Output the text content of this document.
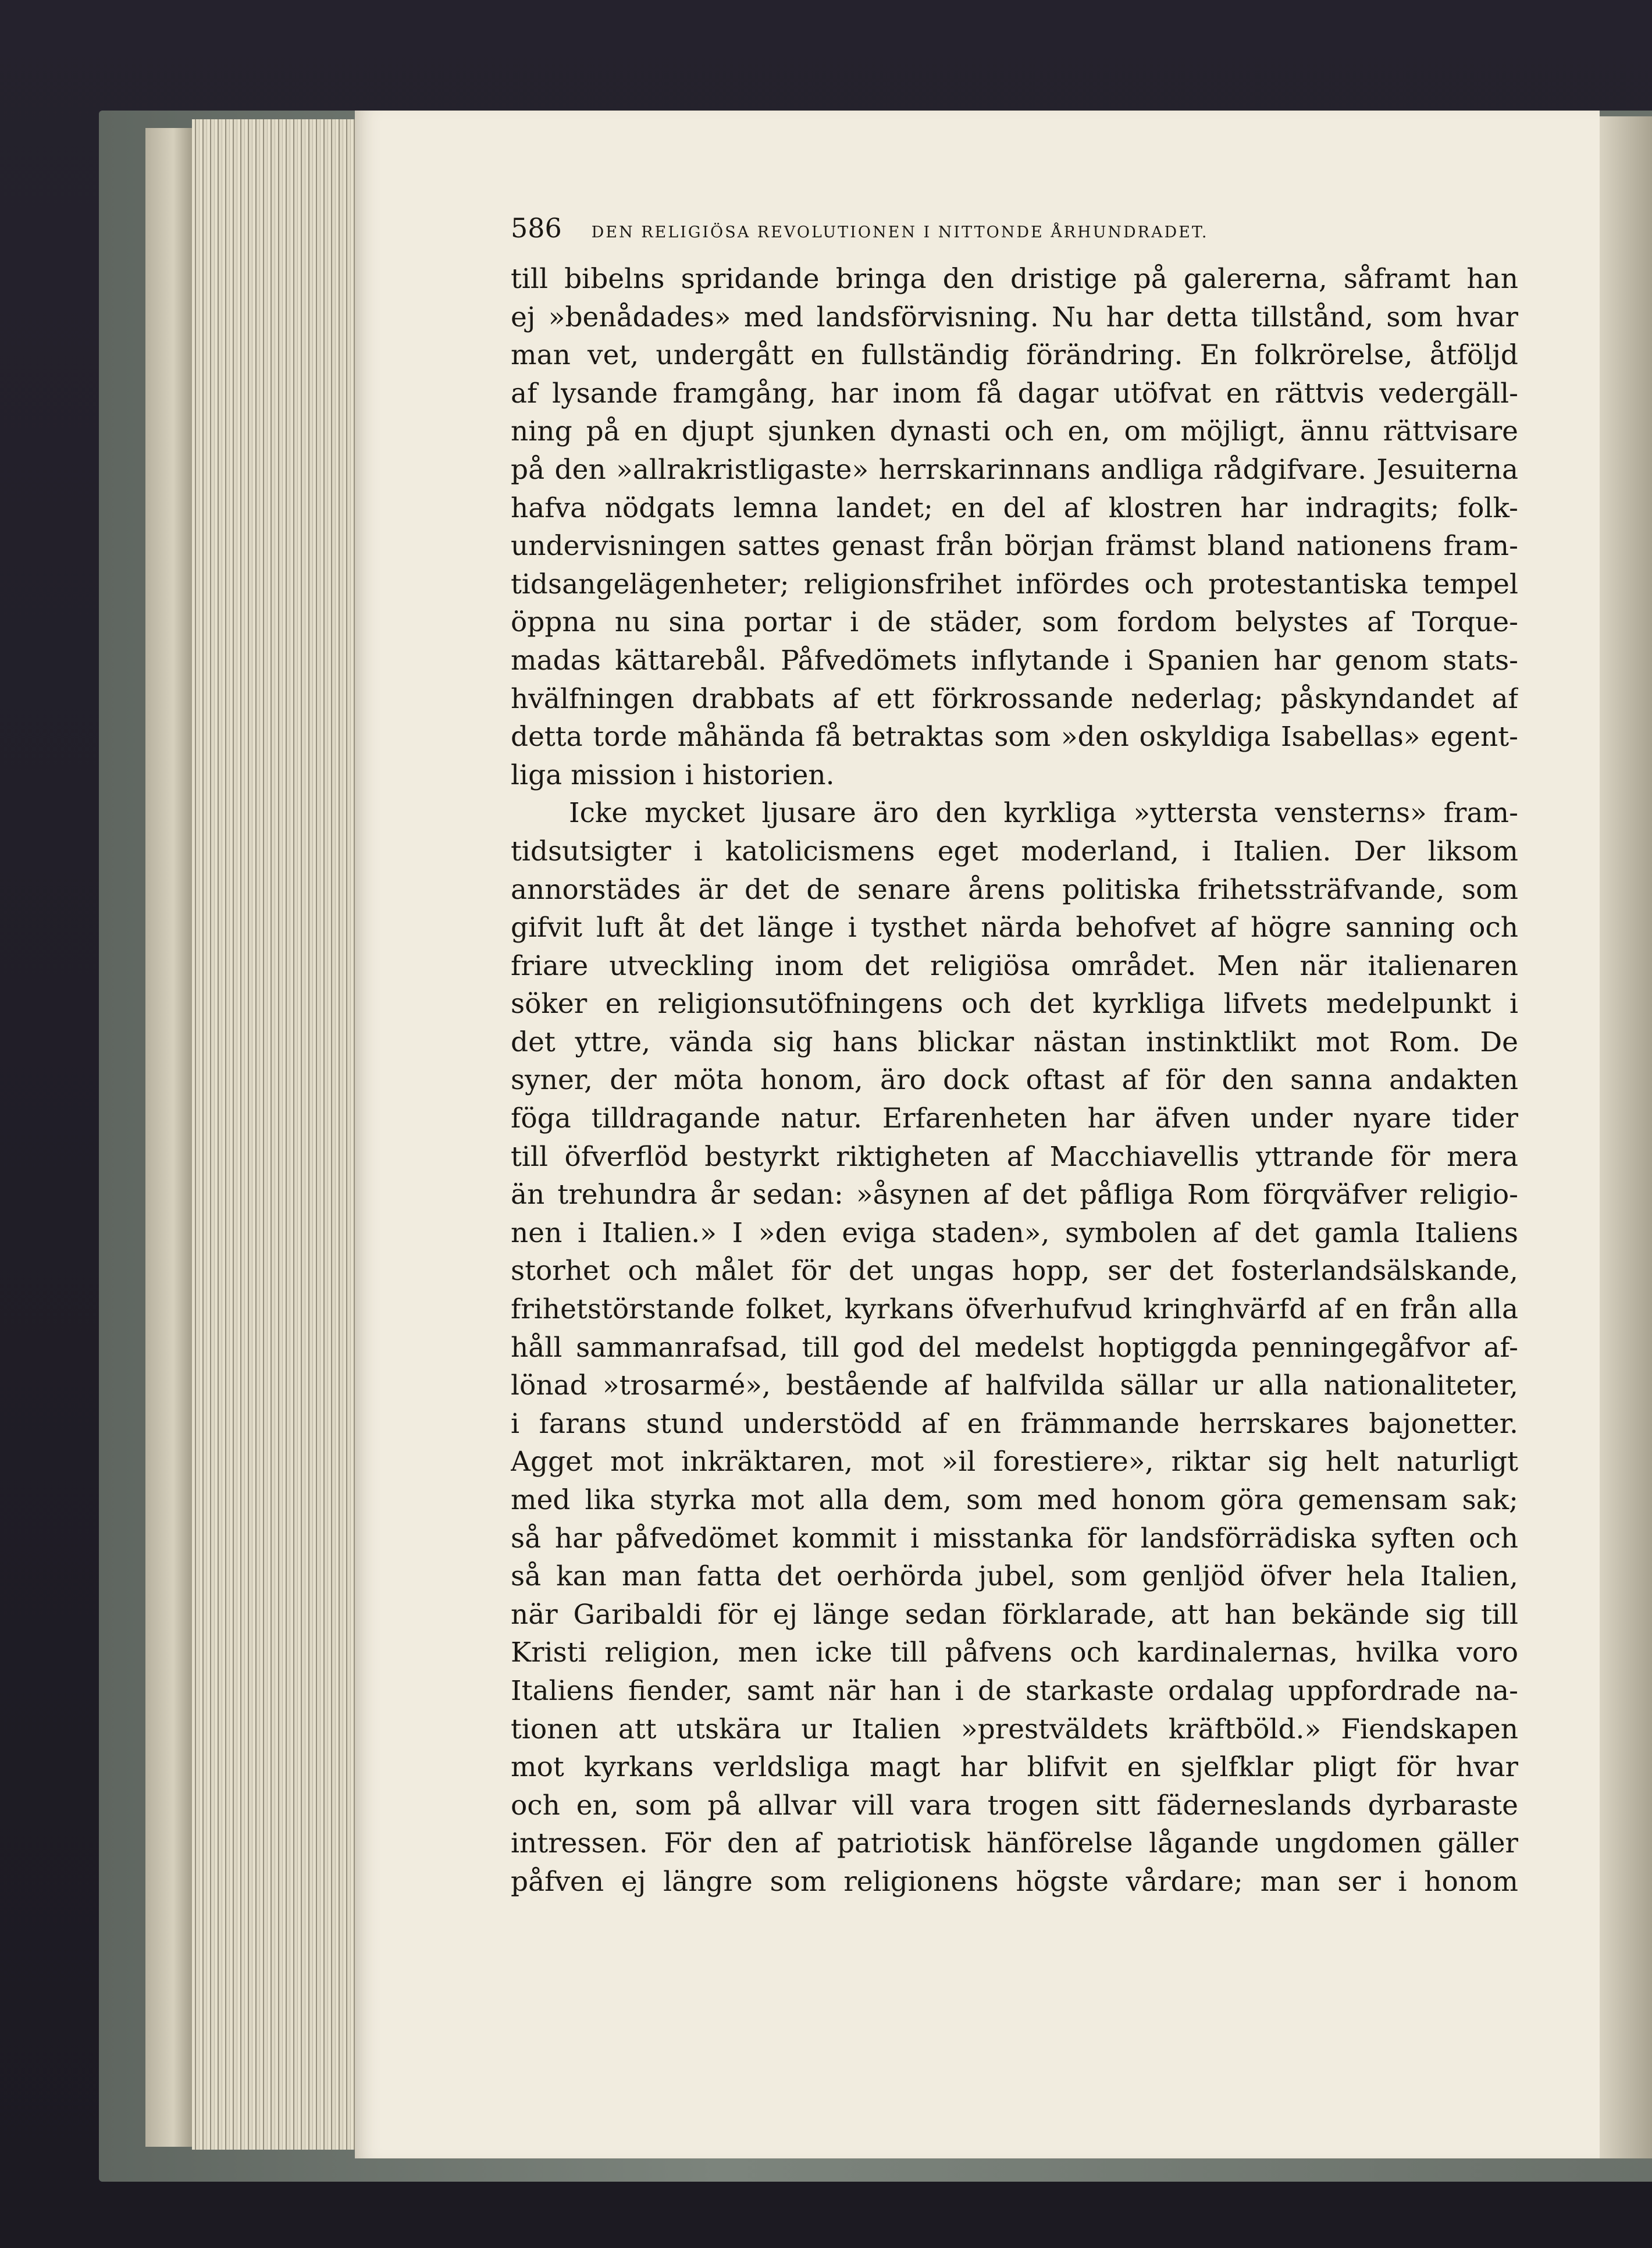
586 DEN RELIGIÖSA REVOLUTIONEN I NITTONDE ÅRHUNDRADET.
till bibelns spridande bringa den dristige på galererna, såframt han
ej »benådades» med landsförvisning. Nu har detta tillstånd, som hvar
man vet, undergått en fullständig förändring. En folkrörelse, åtföljd
af lysande framgång, har inom få dagar utöfvat en rättvis vedergäll-
ning på en djupt sjunken dynasti och en, om möjligt, ännu rättvisare
på den »allrakristligaste» herrskarinnans andliga rådgifvare. Jesuiterna
hafva nödgats lemna landet; en del af klostren har indragits; folk-
undervisningen sattes genast från början främst bland nationens fram-
tidsangelägenheter; religionsfrihet infördes och protestantiska tempel
öppna nu sina portar i de städer, som fordom belystes af Torque-
madas kättarebål. Påfvedömets inflytande i Spanien har genom stats-
hvälfningen drabbats af ett förkrossande nederlag; påskyndandet af
detta torde måhända få betraktas som »den oskyldiga Isabellas» egent-
liga mission i historien.
Icke mycket ljusare äro den kyrkliga »yttersta vensterns» fram-
tidsutsigter i katolicismens eget moderland, i Italien. Der liksom
annorstädes är det de senare årens politiska frihetssträfvande, som
gifvit luft åt det länge i tysthet närda behofvet af högre sanning och
friare utveckling inom det religiösa området. Men när italienaren
söker en religionsutöfningens och det kyrkliga lifvets medelpunkt i
det yttre, vända sig hans blickar nästan instinktlikt mot Rom. De
syner, der möta honom, äro dock oftast af för den sanna andakten
föga tilldragande natur. Erfarenheten har äfven under nyare tider
till öfverflöd bestyrkt riktigheten af Macchiavellis yttrande för mera
än trehundra år sedan: »åsynen af det påfliga Rom förqväfver religio-
nen i Italien.» I »den eviga staden», symbolen af det gamla Italiens
storhet och målet för det ungas hopp, ser det fosterlandsälskande,
frihetstörstande folket, kyrkans öfverhufvud kringhvärfd af en från alla
håll sammanrafsad, till god del medelst hoptiggda penningegåfvor af-
lönad »trosarmé», bestående af halfvilda sällar ur alla nationaliteter,
i farans stund understödd af en främmande herrskares bajonetter.
Agget mot inkräktaren, mot »il forestiere», riktar sig helt naturligt
med lika styrka mot alla dem, som med honom göra gemensam sak;
så har påfvedömet kommit i misstanka för landsförrädiska syften och
så kan man fatta det oerhörda jubel, som genljöd öfver hela Italien,
när Garibaldi för ej länge sedan förklarade, att han bekände sig till
Kristi religion, men icke till påfvens och kardinalernas, hvilka voro
Italiens fiender, samt när han i de starkaste ordalag uppfordrade na-
tionen att utskära ur Italien »prestväldets kräftböld.» Fiendskapen
mot kyrkans verldsliga magt har blifvit en sjelfklar pligt för hvar
och en, som på allvar vill vara trogen sitt fäderneslands dyrbaraste
intressen. För den af patriotisk hänförelse lågande ungdomen gäller
påfven ej längre som religionens högste vårdare; man ser i honom
